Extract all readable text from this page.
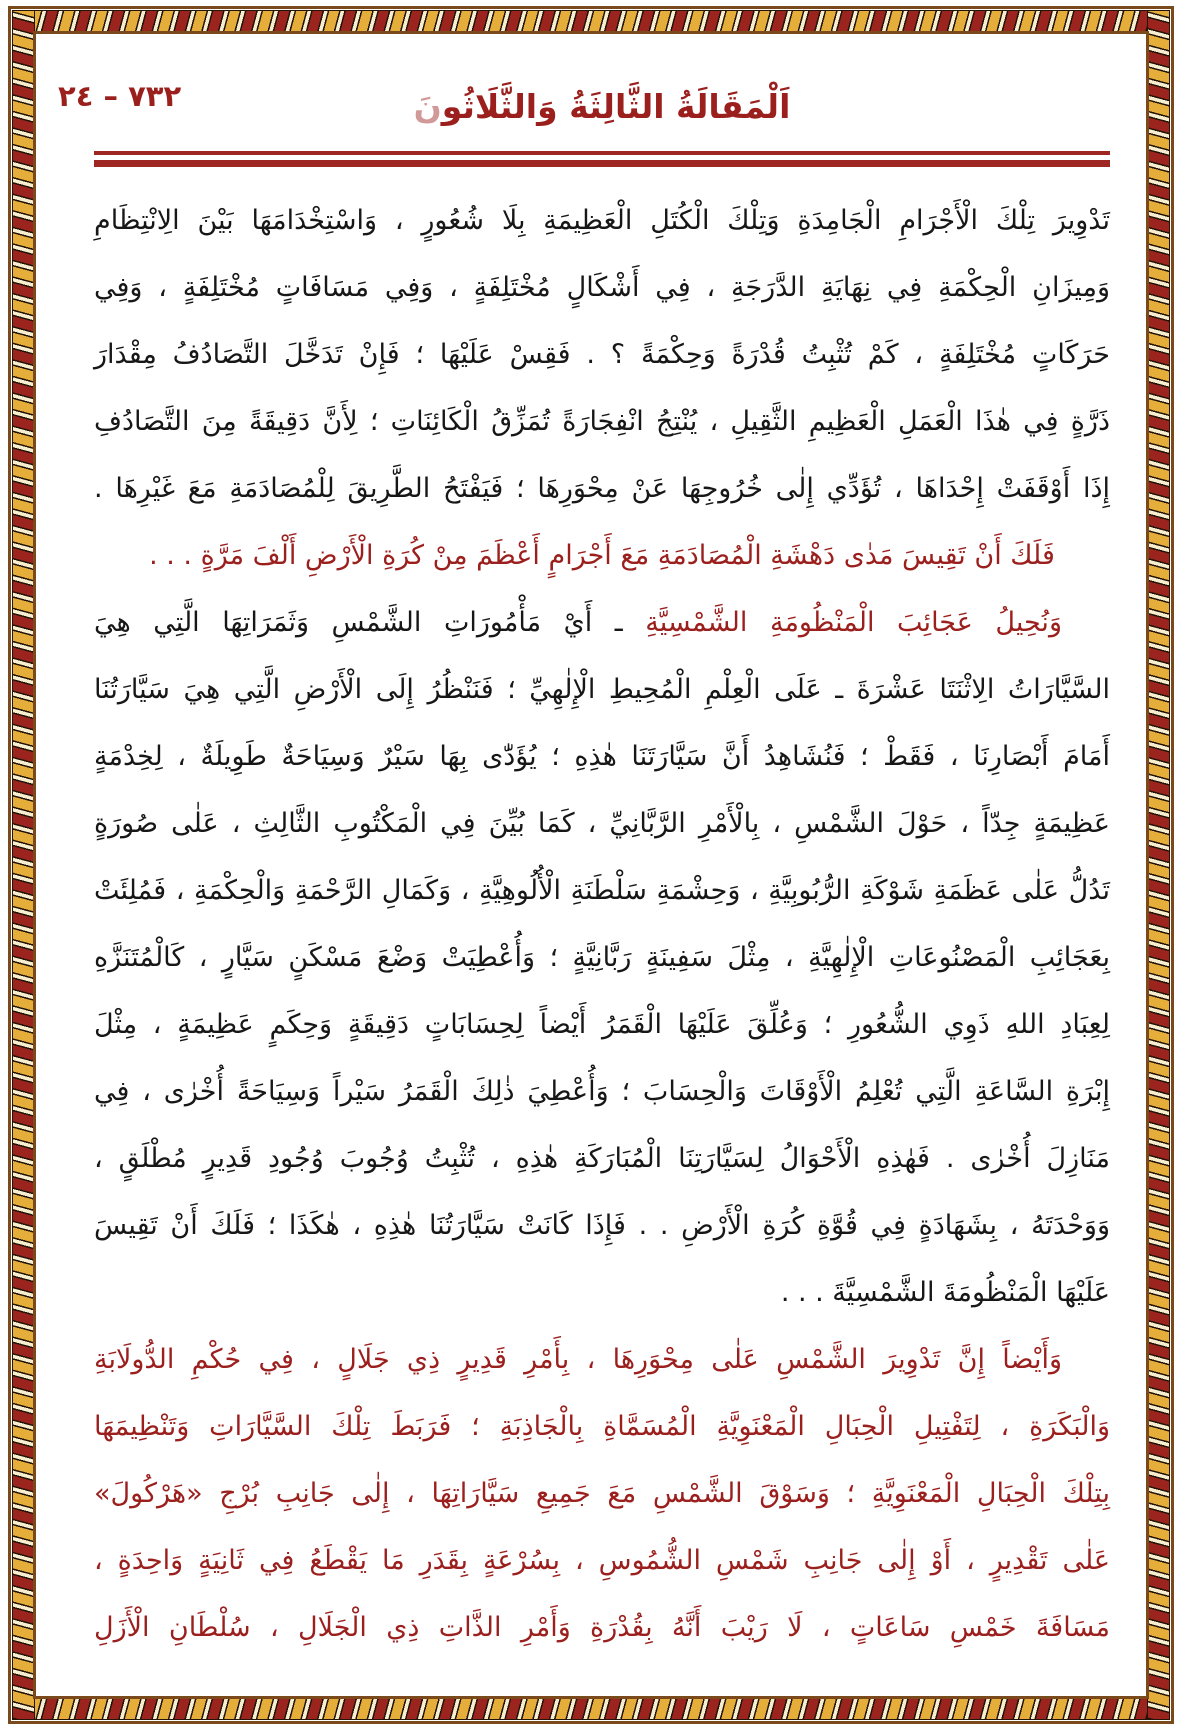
اَلْمَقَالَةُ الثَّالِثَةُ وَالثَّلَاثُونَ
٧٣٢ – ٢٤
تَدْوِيرَ تِلْكَ الْأَجْرَامِ الْجَامِدَةِ وَتِلْكَ الْكُتَلِ الْعَظِيمَةِ بِلَا شُعُورٍ ، وَاسْتِخْدَامَهَا بَيْنَ الِانْتِظَامِ
وَمِيزَانِ الْحِكْمَةِ فِي نِهَايَةِ الدَّرَجَةِ ، فِي أَشْكَالٍ مُخْتَلِفَةٍ ، وَفِي مَسَافَاتٍ مُخْتَلِفَةٍ ، وَفِي
حَرَكَاتٍ مُخْتَلِفَةٍ ، كَمْ تُثْبِتُ قُدْرَةً وَحِكْمَةً ؟ . فَقِسْ عَلَيْهَا ؛ فَإِنْ تَدَخَّلَ التَّصَادُفُ مِقْدَارَ
ذَرَّةٍ فِي هٰذَا الْعَمَلِ الْعَظِيمِ الثَّقِيلِ ، يُنْتِجُ انْفِجَارَةً تُمَزِّقُ الْكَائِنَاتِ ؛ لِأَنَّ دَقِيقَةً مِنَ التَّصَادُفِ
إِذَا أَوْقَفَتْ إِحْدَاهَا ، تُؤَدِّي إِلٰى خُرُوجِهَا عَنْ مِحْوَرِهَا ؛ فَيَفْتَحُ الطَّرِيقَ لِلْمُصَادَمَةِ مَعَ غَيْرِهَا .
فَلَكَ أَنْ تَقِيسَ مَدٰى دَهْشَةِ الْمُصَادَمَةِ مَعَ أَجْرَامٍ أَعْظَمَ مِنْ كُرَةِ الْأَرْضِ أَلْفَ مَرَّةٍ . . .
وَنُحِيلُ عَجَائِبَ الْمَنْظُومَةِ الشَّمْسِيَّةِ ـ أَيْ مَأْمُورَاتِ الشَّمْسِ وَثَمَرَاتِهَا الَّتِي هِيَ
السَّيَّارَاتُ الِاثْنَتَا عَشْرَةَ ـ عَلَى الْعِلْمِ الْمُحِيطِ الْإِلٰهِيِّ ؛ فَنَنْظُرُ إِلَى الْأَرْضِ الَّتِي هِيَ سَيَّارَتُنَا
أَمَامَ أَبْصَارِنَا ، فَقَطْ ؛ فَنُشَاهِدُ أَنَّ سَيَّارَتَنَا هٰذِهِ ؛ يُؤَدّٰى بِهَا سَيْرٌ وَسِيَاحَةٌ طَوِيلَةٌ ، لِخِدْمَةٍ
عَظِيمَةٍ جِدّاً ، حَوْلَ الشَّمْسِ ، بِالْأَمْرِ الرَّبَّانِيِّ ، كَمَا بُيِّنَ فِي الْمَكْتُوبِ الثَّالِثِ ، عَلٰى صُورَةٍ
تَدُلُّ عَلٰى عَظَمَةِ شَوْكَةِ الرُّبُوبِيَّةِ ، وَحِشْمَةِ سَلْطَنَةِ الْأُلُوهِيَّةِ ، وَكَمَالِ الرَّحْمَةِ وَالْحِكْمَةِ ، فَمُلِئَتْ
بِعَجَائِبِ الْمَصْنُوعَاتِ الْإِلٰهِيَّةِ ، مِثْلَ سَفِينَةٍ رَبَّانِيَّةٍ ؛ وَأُعْطِيَتْ وَضْعَ مَسْكَنٍ سَيَّارٍ ، كَالْمُتَنَزَّهِ
لِعِبَادِ اللهِ ذَوِي الشُّعُورِ ؛ وَعُلِّقَ عَلَيْهَا الْقَمَرُ أَيْضاً لِحِسَابَاتٍ دَقِيقَةٍ وَحِكَمٍ عَظِيمَةٍ ، مِثْلَ
إِبْرَةِ السَّاعَةِ الَّتِي تُعْلِمُ الْأَوْقَاتَ وَالْحِسَابَ ؛ وَأُعْطِيَ ذٰلِكَ الْقَمَرُ سَيْراً وَسِيَاحَةً أُخْرٰى ، فِي
مَنَازِلَ أُخْرٰى . فَهٰذِهِ الْأَحْوَالُ لِسَيَّارَتِنَا الْمُبَارَكَةِ هٰذِهِ ، تُثْبِتُ وُجُوبَ وُجُودِ قَدِيرٍ مُطْلَقٍ ،
وَوَحْدَتَهُ ، بِشَهَادَةٍ فِي قُوَّةِ كُرَةِ الْأَرْضِ . . فَإِذَا كَانَتْ سَيَّارَتُنَا هٰذِهِ ، هٰكَذَا ؛ فَلَكَ أَنْ تَقِيسَ
عَلَيْهَا الْمَنْظُومَةَ الشَّمْسِيَّةَ . . .
وَأَيْضاً إِنَّ تَدْوِيرَ الشَّمْسِ عَلٰى مِحْوَرِهَا ، بِأَمْرِ قَدِيرٍ ذِي جَلَالٍ ، فِي حُكْمِ الدُّولَابَةِ
وَالْبَكَرَةِ ، لِتَفْتِيلِ الْحِبَالِ الْمَعْنَوِيَّةِ الْمُسَمَّاةِ بِالْجَاذِبَةِ ؛ فَرَبَطَ تِلْكَ السَّيَّارَاتِ وَتَنْظِيمَهَا
بِتِلْكَ الْحِبَالِ الْمَعْنَوِيَّةِ ؛ وَسَوْقَ الشَّمْسِ مَعَ جَمِيعِ سَيَّارَاتِهَا ، إِلٰى جَانِبِ بُرْجِ «هَرْكُولَ»
عَلٰى تَقْدِيرٍ ، أَوْ إِلٰى جَانِبِ شَمْسِ الشُّمُوسِ ، بِسُرْعَةٍ بِقَدَرِ مَا يَقْطَعُ فِي ثَانِيَةٍ وَاحِدَةٍ ،
مَسَافَةَ خَمْسِ سَاعَاتٍ ، لَا رَيْبَ أَنَّهُ بِقُدْرَةِ وَأَمْرِ الذَّاتِ ذِي الْجَلَالِ ، سُلْطَانِ الْأَزَلِ
